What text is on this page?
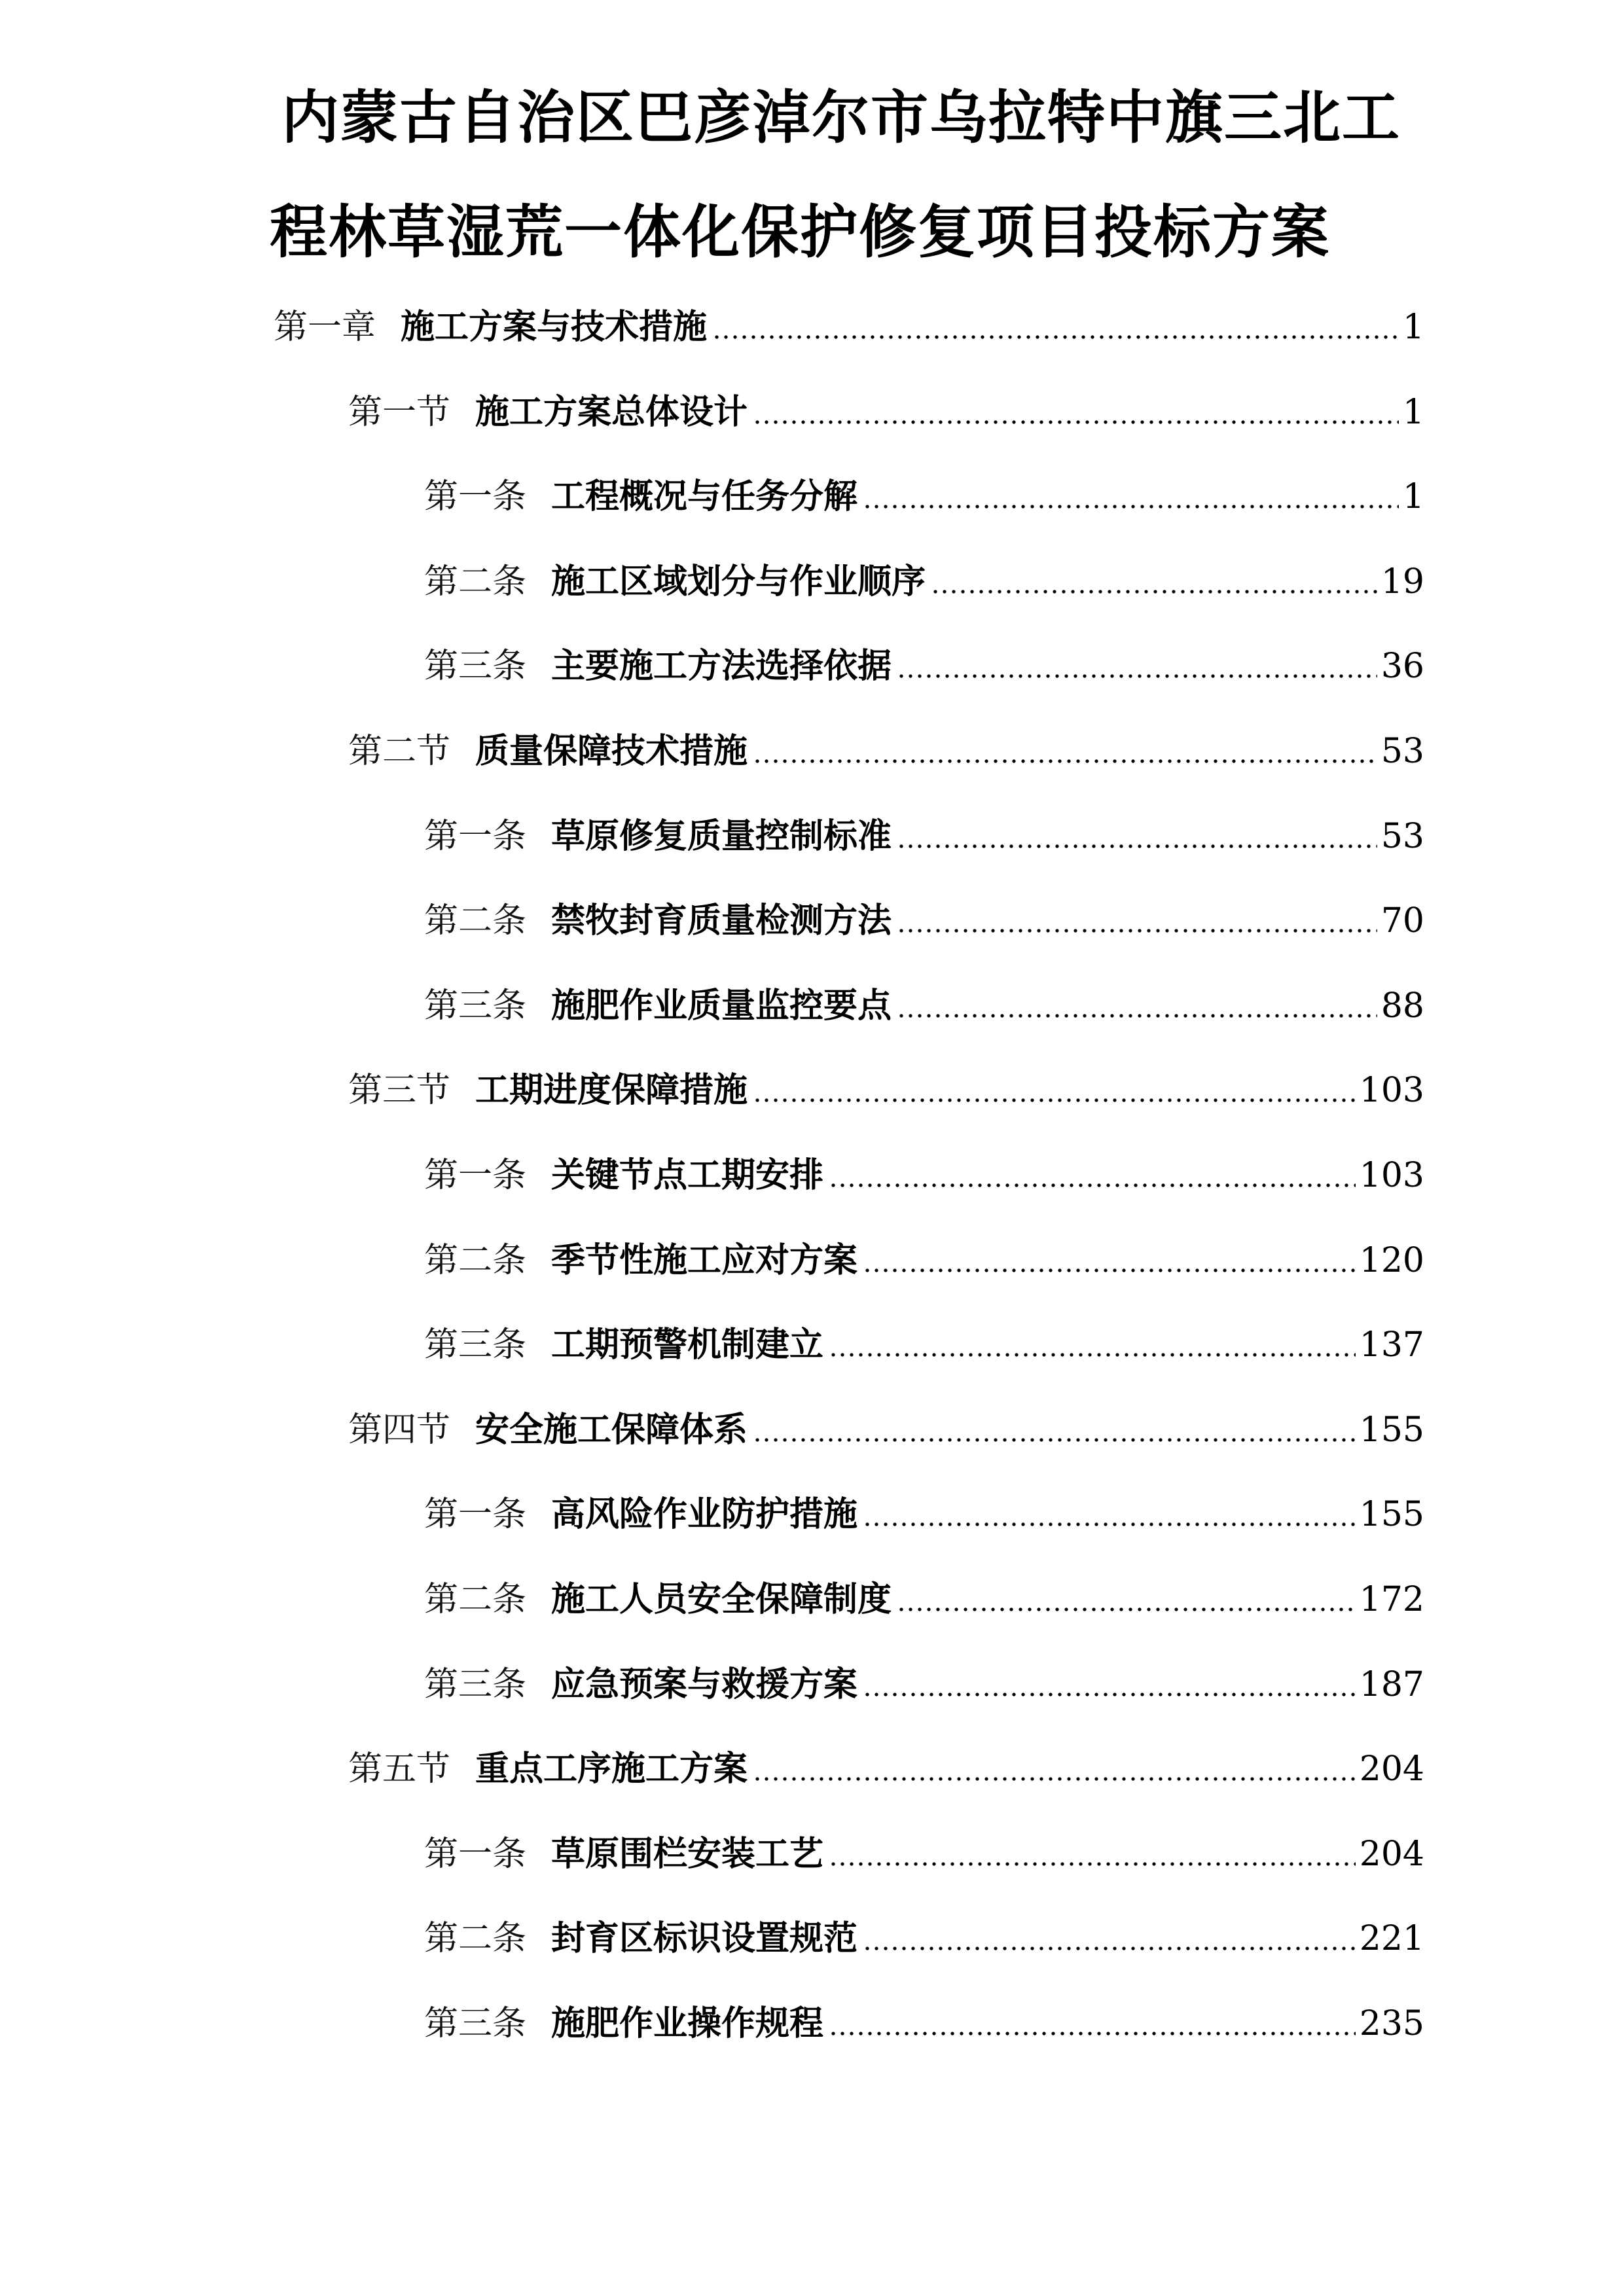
内蒙古自治区巴彦淖尔市乌拉特中旗三北工
程林草湿荒一体化保护修复项目投标方案
第一章 施工方案与技术措施	1
第一节 施工方案总体设计	1
第一条 工程概况与任务分解	1
第二条 施工区域划分与作业顺序	19
第三条 主要施工方法选择依据	36
第二节 质量保障技术措施	53
第一条 草原修复质量控制标准	53
第二条 禁牧封育质量检测方法	70
第三条 施肥作业质量监控要点	88
第三节 工期进度保障措施	103
第一条 关键节点工期安排	103
第二条 季节性施工应对方案	120
第三条 工期预警机制建立	137
第四节 安全施工保障体系	155
第一条 高风险作业防护措施	155
第二条 施工人员安全保障制度	172
第三条 应急预案与救援方案	187
第五节 重点工序施工方案	204
第一条 草原围栏安装工艺	204
第二条 封育区标识设置规范	221
第三条 施肥作业操作规程	235
